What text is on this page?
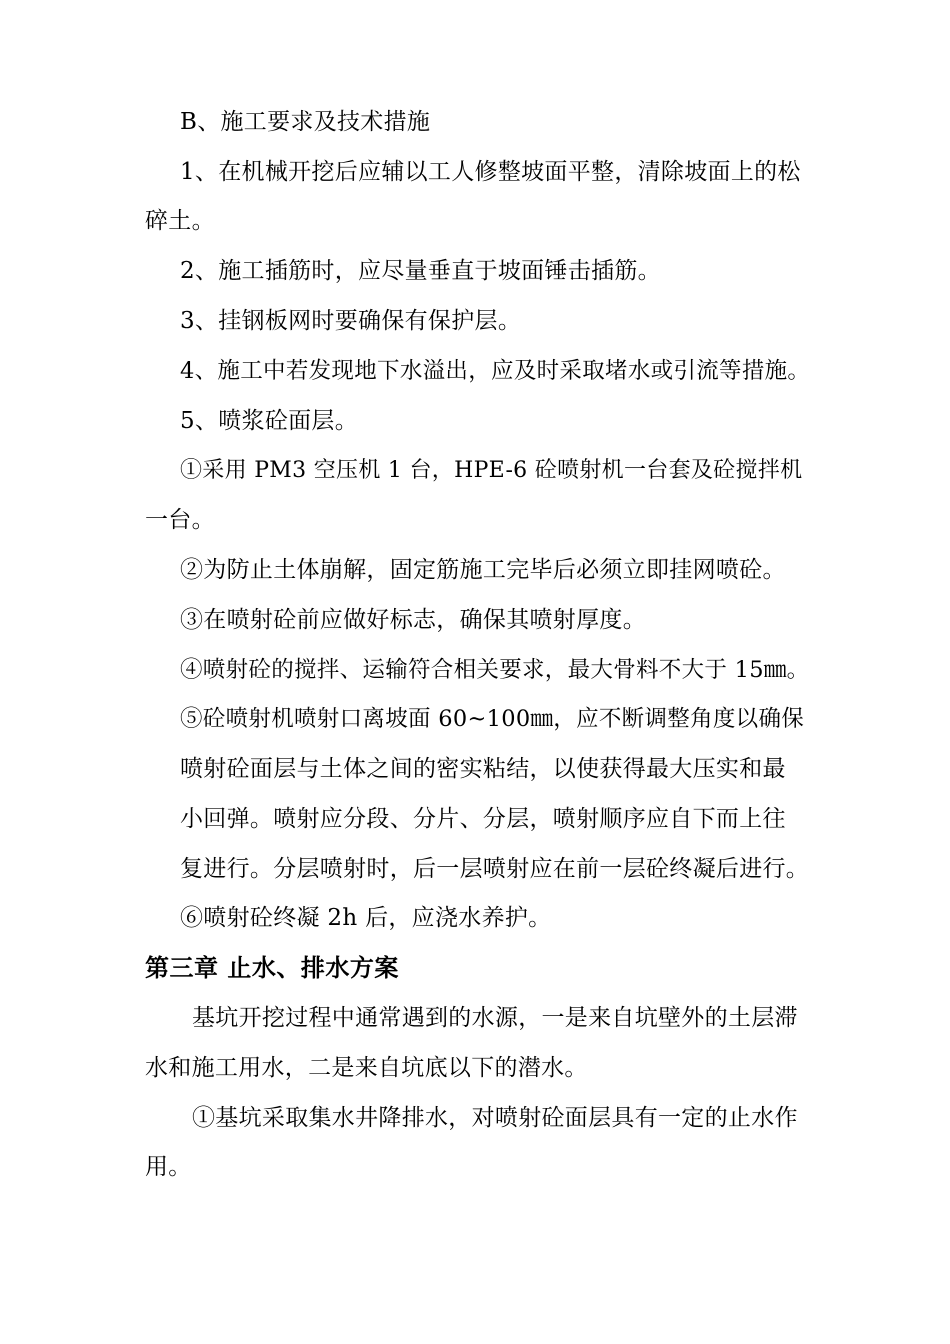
B、施工要求及技术措施
1、在机械开挖后应辅以工人修整坡面平整，清除坡面上的松
碎土。
2、施工插筋时，应尽量垂直于坡面锤击插筋。
3、挂钢板网时要确保有保护层。
4、施工中若发现地下水溢出，应及时采取堵水或引流等措施。
5、喷浆砼面层。
①采用 PM3 空压机 1 台，HPE-6 砼喷射机一台套及砼搅拌机
一台。
②为防止土体崩解，固定筋施工完毕后必须立即挂网喷砼。
③在喷射砼前应做好标志，确保其喷射厚度。
④喷射砼的搅拌、运输符合相关要求，最大骨料不大于 15㎜。
⑤砼喷射机喷射口离坡面 60~100㎜，应不断调整角度以确保
喷射砼面层与土体之间的密实粘结，以使获得最大压实和最
小回弹。喷射应分段、分片、分层，喷射顺序应自下而上往
复进行。分层喷射时，后一层喷射应在前一层砼终凝后进行。
⑥喷射砼终凝 2h 后，应浇水养护。
第三章 止水、排水方案
基坑开挖过程中通常遇到的水源，一是来自坑壁外的土层滞
水和施工用水，二是来自坑底以下的潜水。
①基坑采取集水井降排水，对喷射砼面层具有一定的止水作
用。
